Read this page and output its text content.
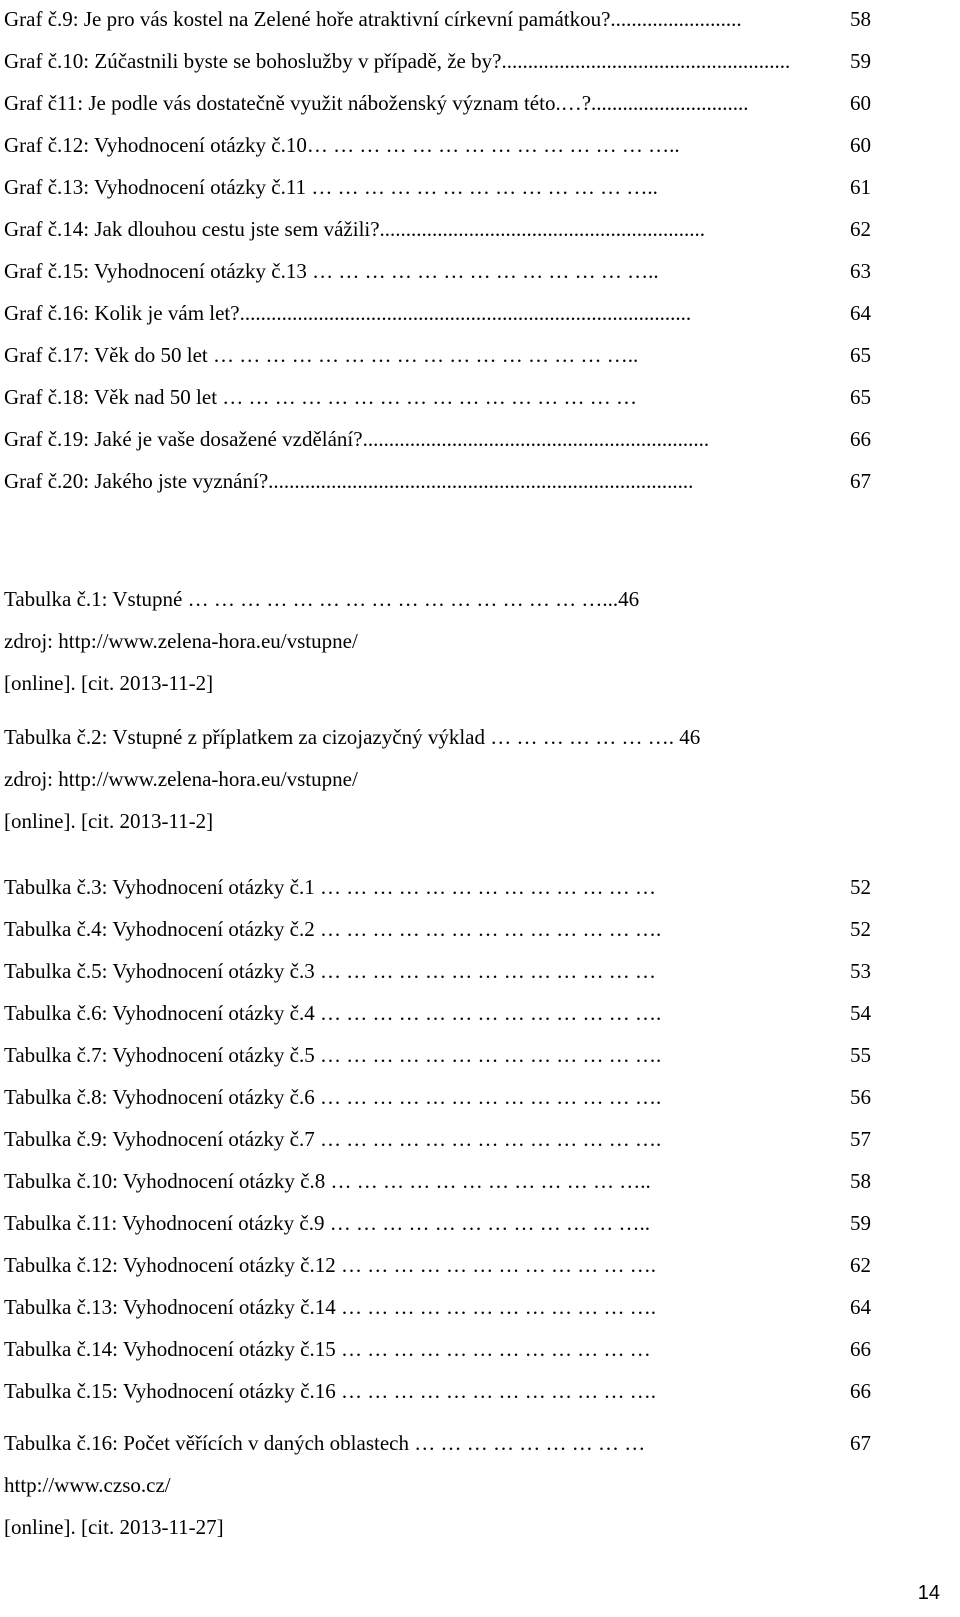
Graf č.9: Je pro vás kostel na Zelené hoře atraktivní církevní památkou?.........................	58
Graf č.10: Zúčastnili byste se bohoslužby v případě, že by?.......................................................	59
Graf č11: Je podle vás dostatečně využit náboženský význam této.…?..............................	60
Graf č.12: Vyhodnocení otázky č.10… … … … … … … … … … … … … …..	60
Graf č.13: Vyhodnocení otázky č.11 … … … … … … … … … … … … …..	61
Graf č.14: Jak dlouhou cestu jste sem vážili?..............................................................	62
Graf č.15: Vyhodnocení otázky č.13 … … … … … … … … … … … … …..	63
Graf č.16: Kolik je vám let?......................................................................................	64
Graf č.17: Věk do 50 let … … … … … … … … … … … … … … … …..	65
Graf č.18: Věk nad 50 let … … … … … … … … … … … … … … … …	65
Graf č.19: Jaké je vaše dosažené vzdělání?..................................................................	66
Graf č.20: Jakého jste vyznání?.................................................................................	67
Tabulka č.1: Vstupné … … … … … … … … … … … … … … … …...46
zdroj: http://www.zelena-hora.eu/vstupne/
[online]. [cit. 2013-11-2]
Tabulka č.2: Vstupné z příplatkem za cizojazyčný výklad … … … … … … …. 46
zdroj: http://www.zelena-hora.eu/vstupne/
[online]. [cit. 2013-11-2]
Tabulka č.3: Vyhodnocení otázky č.1 … … … … … … … … … … … … …	52
Tabulka č.4: Vyhodnocení otázky č.2 … … … … … … … … … … … … ….	52
Tabulka č.5: Vyhodnocení otázky č.3 … … … … … … … … … … … … …	53
Tabulka č.6: Vyhodnocení otázky č.4 … … … … … … … … … … … … ….	54
Tabulka č.7: Vyhodnocení otázky č.5 … … … … … … … … … … … … ….	55
Tabulka č.8: Vyhodnocení otázky č.6 … … … … … … … … … … … … ….	56
Tabulka č.9: Vyhodnocení otázky č.7 … … … … … … … … … … … … ….	57
Tabulka č.10: Vyhodnocení otázky č.8 … … … … … … … … … … … …..	58
Tabulka č.11: Vyhodnocení otázky č.9 … … … … … … … … … … … …..	59
Tabulka č.12: Vyhodnocení otázky č.12 … … … … … … … … … … … ….	62
Tabulka č.13: Vyhodnocení otázky č.14 … … … … … … … … … … … ….	64
Tabulka č.14: Vyhodnocení otázky č.15 … … … … … … … … … … … …	66
Tabulka č.15: Vyhodnocení otázky č.16 … … … … … … … … … … … ….	66
Tabulka č.16: Počet věřících v daných oblastech … … … … … … … … …	67
http://www.czso.cz/
[online]. [cit. 2013-11-27]
14
